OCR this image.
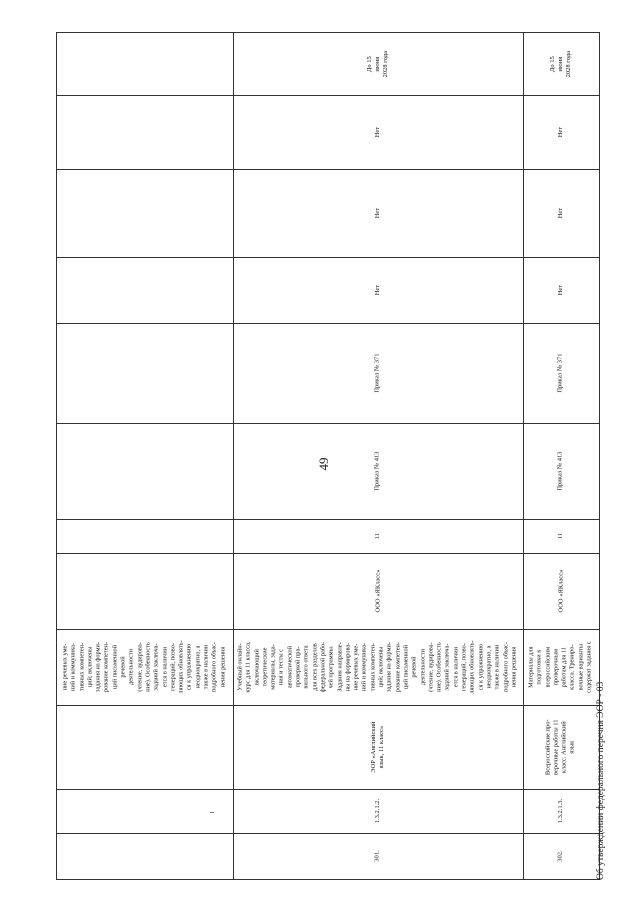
49
ние речевых уме-
ний и коммуника-
тивных компетен-
ций; включены
задания на форми-
рование компетен-
ций письменной
речевой
деятельности
(чтение, аудирова-
ние). Особенность
заданий заключа-
ется в наличии
генераций, позво-
ляющих обновлять-
ся к упражнению
неоднократно, а
также в наличии
подробного объяс-
нения решения
До 15
июня
2028 года
Нет
Нет
Нет
Приказ № 371
Приказ № 413
11
ООО «ЯКласс»
Учебный онлайн-
курс для 11 класса,
включающий
теоретические
материалы, зада-
ния и тесты с
автоматической
проверкой пра-
вильного ответа
для всех разделов
федеральной рабо-
чей программы.
Задания направле-
ны на формирова-
ние речевых уме-
ний и коммуника-
тивных компетен-
ций; включены
задания на форми-
рование компетен-
ций письменной
речевой
деятельности
(чтение, аудирова-
ние). Особенность
заданий заключа-
ется в наличии
генераций, позво-
ляющих обновлять-
ся к упражнению
неоднократно, а
также в наличии
подробного объяс-
нения решения
ЭОР «Английский язык, 11 класс»
1.3.2.1.2.
301.
До 15
июня
2028 года
Нет
Нет
Нет
Приказ № 371
Приказ № 413
11
ООО «ЯКласс»
Материалы для
подготовки к
всероссийским
проверочным
работам для 11
класса. Трениро-
вочные варианты
содержат задания с
Всероссийские про-
верочные работы 11
класс. Английский
язык
1.3.2.1.3.
302.	Об утверждении федерального перечня ЭОР - 03
